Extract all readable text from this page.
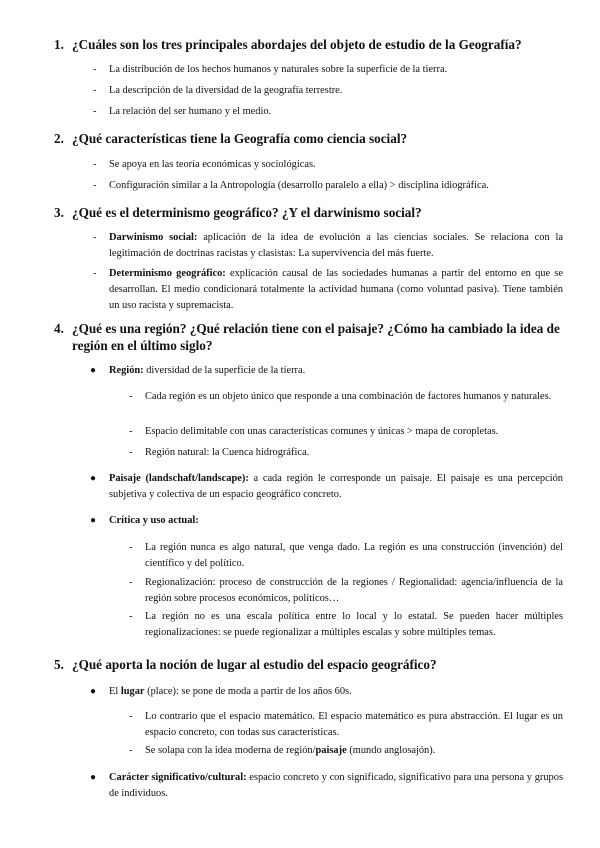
1. ¿Cuáles son los tres principales abordajes del objeto de estudio de la Geografía?
- La distribución de los hechos humanos y naturales sobre la superficie de la tierra.
- La descripción de la diversidad de la geografía terrestre.
- La relación del ser humano y el medio.
2. ¿Qué características tiene la Geografía como ciencia social?
- Se apoya en las teoría económicas y sociológicas.
- Configuración similar a la Antropología (desarrollo paralelo a ella) > disciplina idiográfica.
3. ¿Qué es el determinismo geográfico? ¿Y el darwinismo social?
- Darwinismo social: aplicación de la idea de evolución a las ciencias sociales. Se relaciona con la legitimación de doctrinas racistas y clasistas: La supervivencia del más fuerte.
- Determinismo geográfico: explicación causal de las sociedades humanas a partir del entorno en que se desarrollan. El medio condicionará totalmente la actividad humana (como voluntad pasiva). Tiene también un uso racista y supremacista.
4. ¿Qué es una región? ¿Qué relación tiene con el paisaje? ¿Cómo ha cambiado la idea de región en el último siglo?
● Región: diversidad de la superficie de la tierra.
- Cada región es un objeto único que responde a una combinación de factores humanos y naturales.
- Espacio delimitable con unas características comunes y únicas > mapa de coropletas.
- Región natural: la Cuenca hidrográfica.
● Paisaje (landschaft/landscape): a cada región le corresponde un paisaje. El paisaje es una percepción subjetiva y colectiva de un espacio geográfico concreto.
● Crítica y uso actual:
- La región nunca es algo natural, que venga dado. La región es una construcción (invención) del científico y del político.
- Regionalización: proceso de construcción de la regiones / Regionalidad: agencia/influencia de la región sobre procesos económicos, políticos…
- La región no es una escala política entre lo local y lo estatal. Se pueden hacer múltiples regionalizaciones: se puede regionalizar a múltiples escalas y sobre múltiples temas.
5. ¿Qué aporta la noción de lugar al estudio del espacio geográfico?
● El lugar (place): se pone de moda a partir de los años 60s.
- Lo contrario que el espacio matemático. El espacio matemático es pura abstracción. El lugar es un espacio concreto, con todas sus características.
- Se solapa con la idea moderna de región/paisaje (mundo anglosajón).
● Carácter significativo/cultural: espacio concreto y con significado, significativo para una persona y grupos de individuos.
